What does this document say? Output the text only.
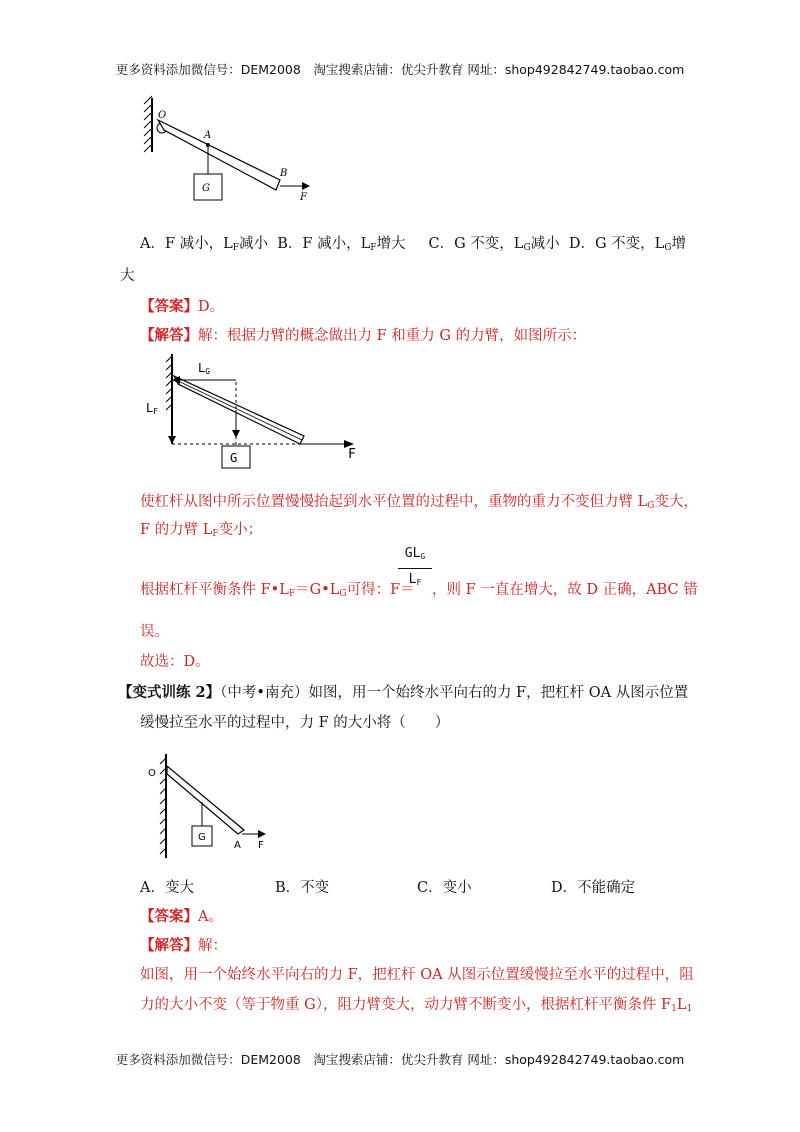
更多资料添加微信号：DEM2008　淘宝搜索店铺：优尖升教育 网址：shop492842749.taobao.com
O
A
B
G
F
A．F 减小，$L_F$减小 B．F 减小，$L_F$增大 C．G 不变，$L_G$减小 D．G 不变，$L_G$增
大
【答案】D。
【解答】解：根据力臂的概念做出力 F 和重力 G 的力臂，如图所示：
LG
LF
G	F
使杠杆从图中所示位置慢慢抬起到水平位置的过程中，重物的重力不变但力臂 $L_G$变大，
F 的力臂 $L_F$变小；
$GL_G$
$L_F$
根据杠杆平衡条件 $F•L_F=G•L_G$可得：F＝ ，则 F 一直在增大，故 D 正确，ABC 错
误。
故选：D。
【变式训练 2】（中考•南充）如图，用一个始终水平向右的力 F，把杠杆 OA 从图示位置
缓慢拉至水平的过程中，力 F 的大小将（　　）
O
G
A F
A．变大	B．不变	C．变小	D．不能确定
【答案】A。
【解答】解：
如图，用一个始终水平向右的力 F，把杠杆 OA 从图示位置缓慢拉至水平的过程中，阻
力的大小不变（等于物重 G），阻力臂变大，动力臂不断变小，根据杠杆平衡条件 $F_1L_1$
更多资料添加微信号：DEM2008　淘宝搜索店铺：优尖升教育 网址：shop492842749.taobao.com
